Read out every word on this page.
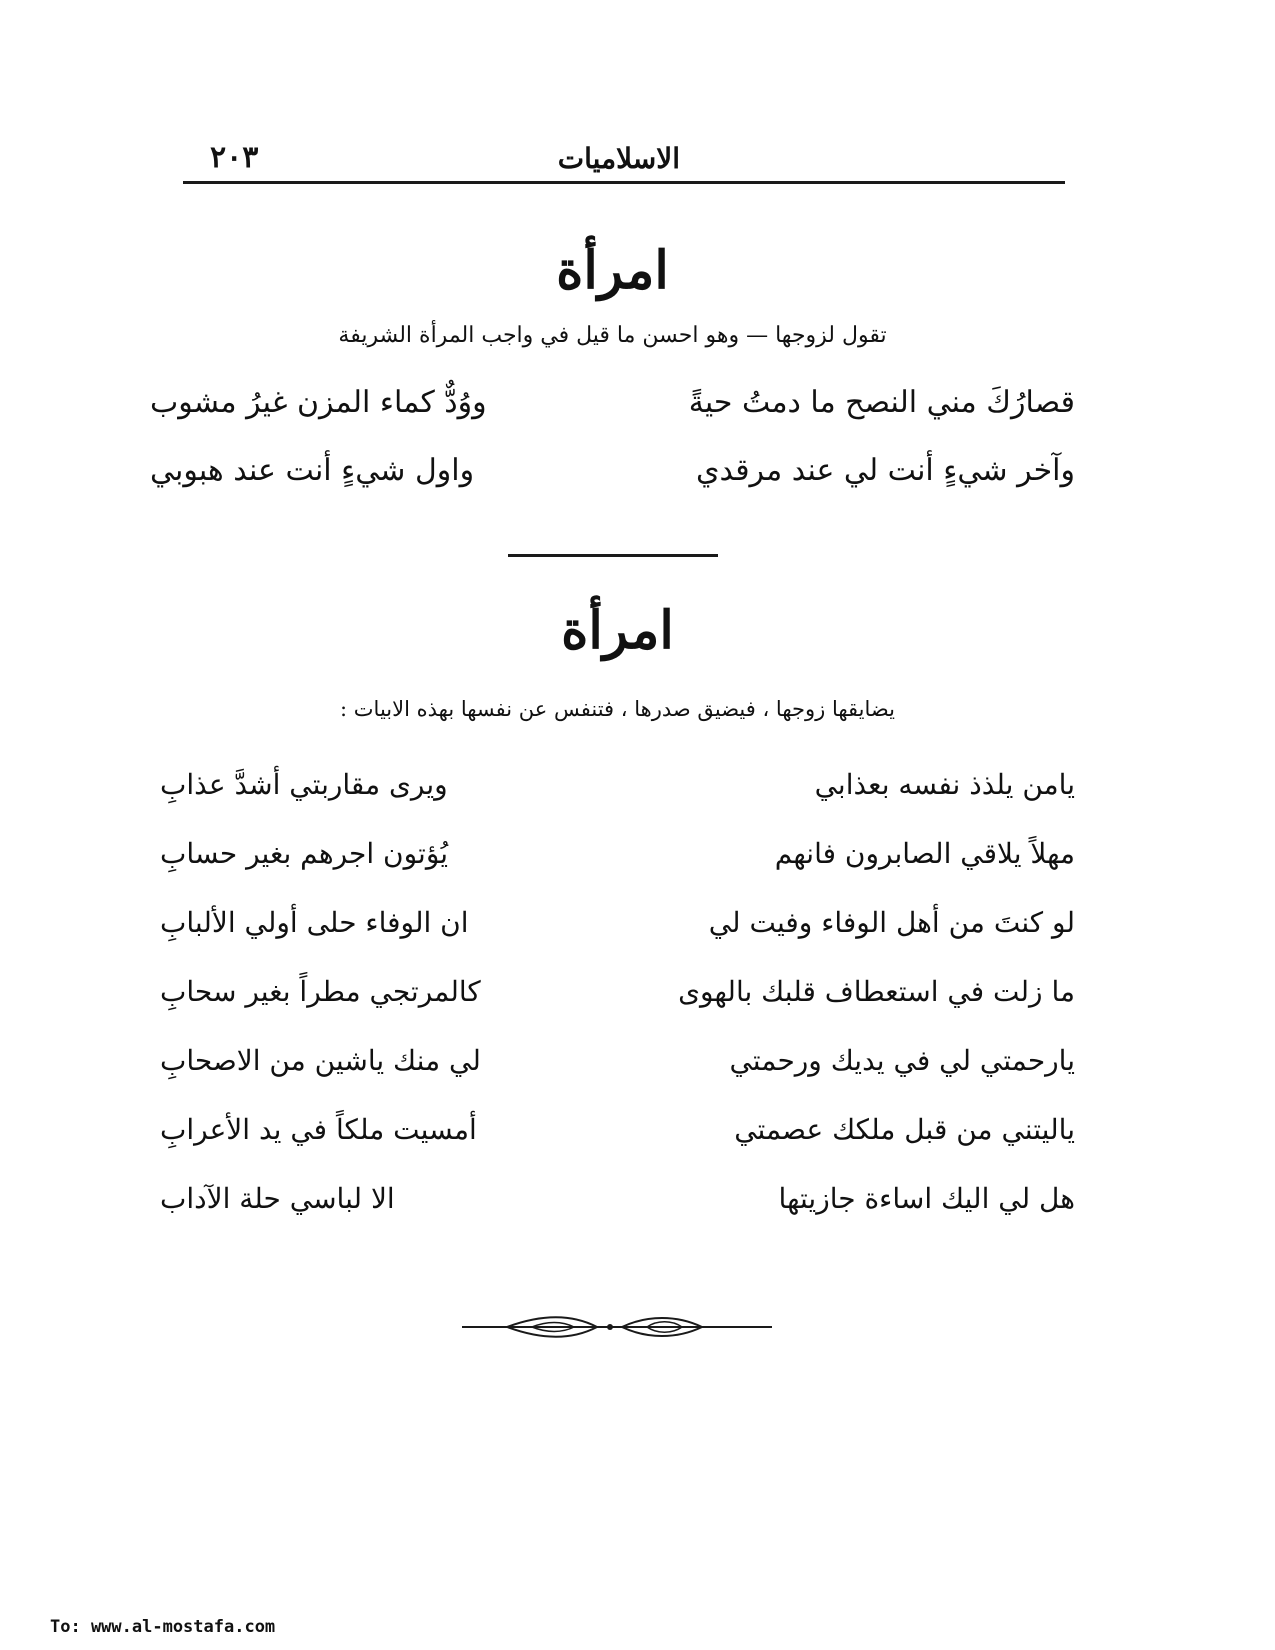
الاسلاميات
٢٠٣
امرأة

تقول لزوجها — وهو احسن ما قيل في واجب المرأة الشريفة

قصارُكَ مني النصح ما دمتُ حيةً
ووُدٌّ كماء المزن غيرُ مشوب
وآخر شيءٍ أنت لي عند مرقدي
واول شيءٍ أنت عند هبوبي
امرأة

يضايقها زوجها ، فيضيق صدرها ، فتنفس عن نفسها بهذه الابيات :

يامن يلذذ نفسه بعذابي
ويرى مقاربتي أشدَّ عذابِ
مهلاً يلاقي الصابرون فانهم
يُؤتون اجرهم بغير حسابِ
لو كنتَ من أهل الوفاء وفيت لي
ان الوفاء حلى أولي الألبابِ
ما زلت في استعطاف قلبك بالهوى
كالمرتجي مطراً بغير سحابِ
يارحمتي لي في يديك ورحمتي
لي منك ياشين من الاصحابِ
ياليتني من قبل ملكك عصمتي
أمسيت ملكاً في يد الأعرابِ
هل لي اليك اساءة جازيتها
الا لباسي حلة الآداب
To: www.al-mostafa.com
